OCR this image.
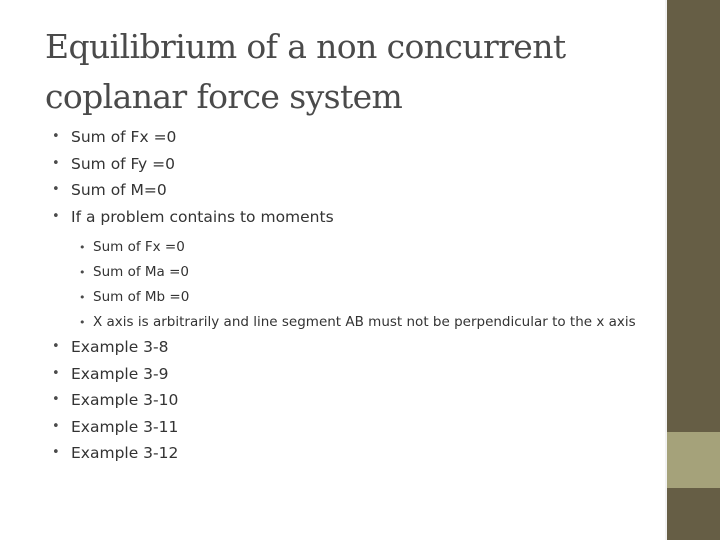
Equilibrium of a non concurrent coplanar force system
• Sum of Fx =0
• Sum of Fy =0
• Sum of M=0
• If a problem contains to moments
• Sum of Fx =0
• Sum of Ma =0
• Sum of Mb =0
• X axis is arbitrarily and line segment AB must not be perpendicular to the x axis
• Example 3-8
• Example 3-9
• Example 3-10
• Example 3-11
• Example 3-12
